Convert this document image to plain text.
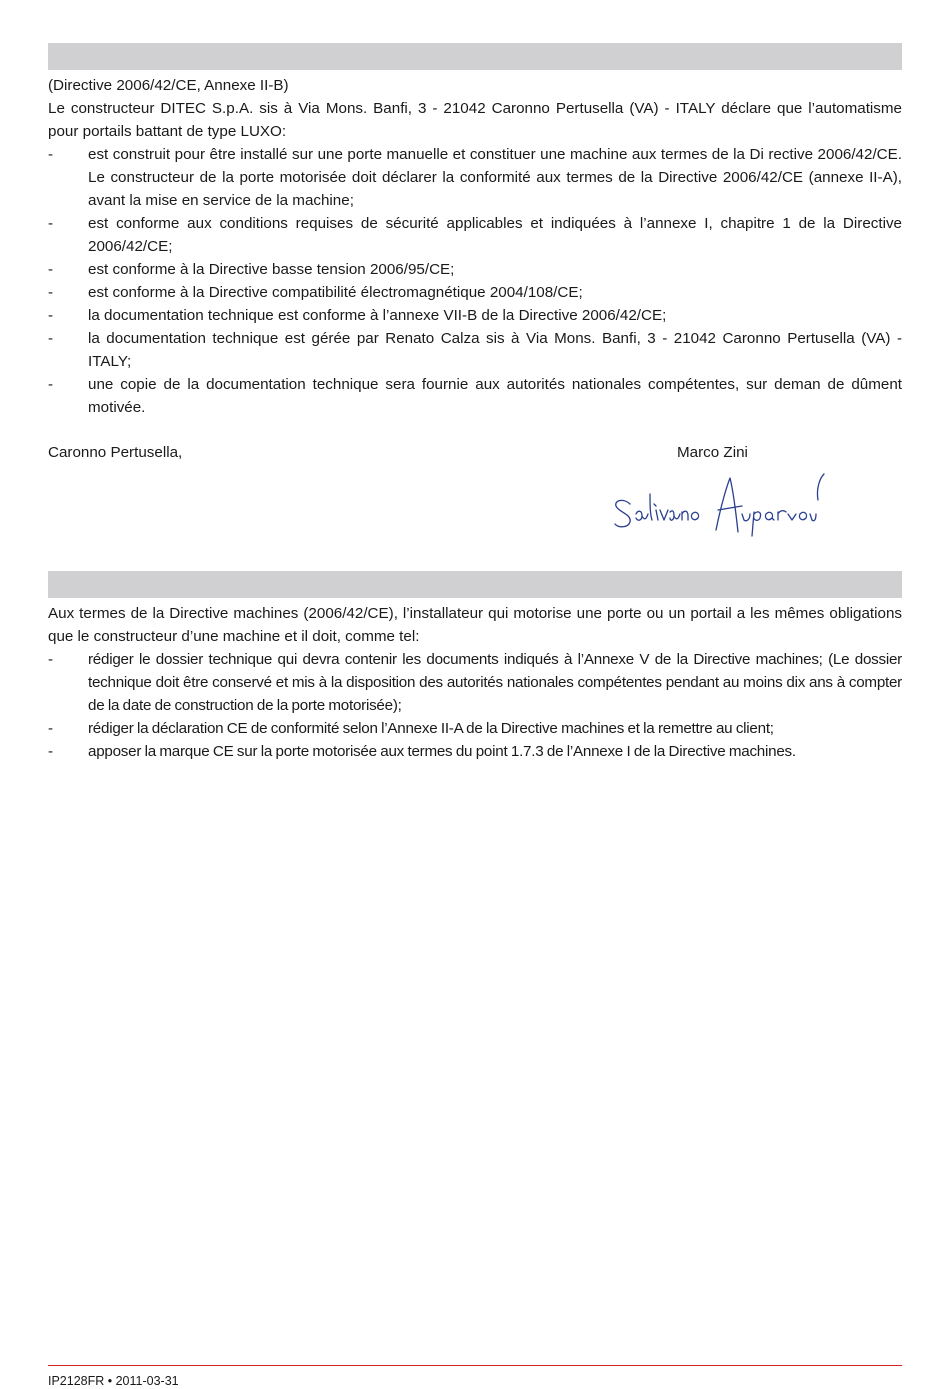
(Directive 2006/42/CE, Annexe II-B)

Le constructeur DITEC S.p.A. sis à Via Mons. Banfi, 3 - 21042 Caronno Pertusella (VA) - ITALY déclare que l’automatisme pour portails battant de type LUXO:

- est construit pour être installé sur une porte manuelle et constituer une machine aux termes de la Di rective 2006/42/CE. Le constructeur de la porte motorisée doit déclarer la conformité aux termes de la Directive 2006/42/CE (annexe II-A), avant la mise en service de la machine;
- est conforme aux conditions requises de sécurité applicables et indiquées à l’annexe I, chapitre 1 de la Directive 2006/42/CE;
- est conforme à la Directive basse tension 2006/95/CE;
- est conforme à la Directive compatibilité électromagnétique 2004/108/CE;
- la documentation technique est conforme à l’annexe VII-B de la Directive 2006/42/CE;
- la documentation technique est gérée par Renato Calza sis à Via Mons. Banfi, 3 - 21042 Caronno Pertusella (VA) - ITALY;
- une copie de la documentation technique sera fournie aux autorités nationales compétentes, sur deman de dûment motivée.
Caronno Pertusella,	Marco Zini

Aux termes de la Directive machines (2006/42/CE), l’installateur qui motorise une porte ou un portail a les mêmes obligations que le constructeur d’une machine et il doit, comme tel:

- rédiger le dossier technique qui devra contenir les documents indiqués à l’Annexe V de la Directive machines; (Le dossier technique doit être conservé et mis à la disposition des autorités nationales compétentes pendant au moins dix ans à compter de la date de construction de la porte motorisée);
- rédiger la déclaration CE de conformité selon l’Annexe II-A de la Directive machines et la remettre au client;
- apposer la marque CE sur la porte motorisée aux termes du point 1.7.3 de l’Annexe I de la Directive machines.
IP2128FR • 2011-03-31
